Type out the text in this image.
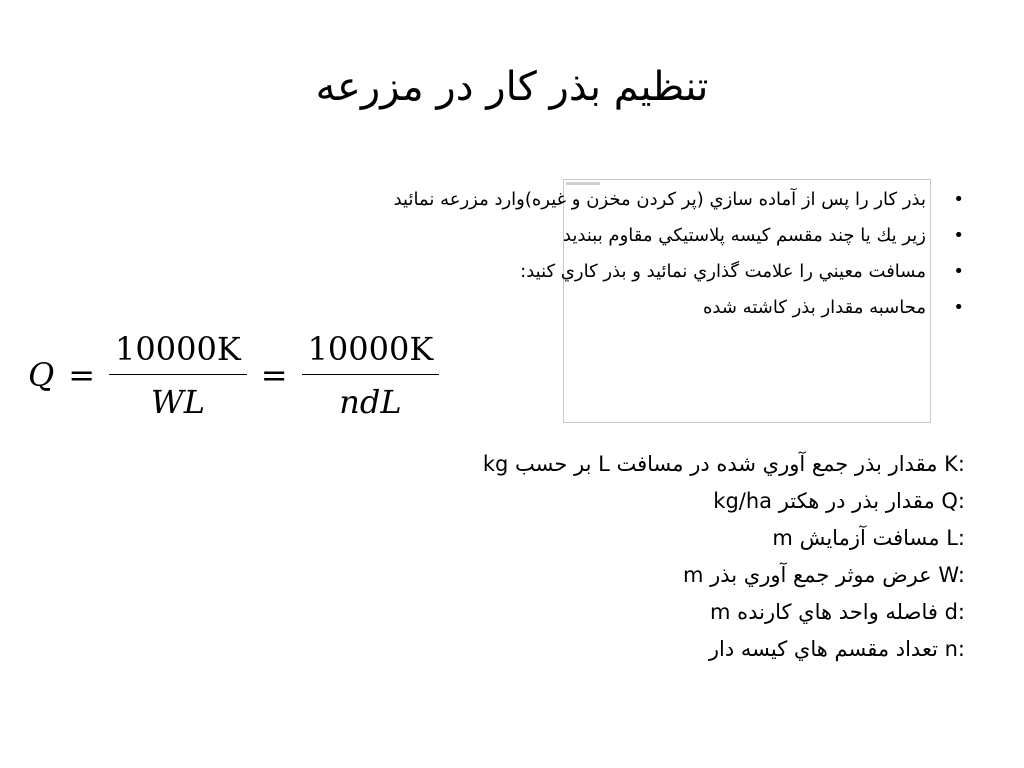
تنظيم بذر كار در مزرعه
•
بذر كار را پس از آماده سازي (پر كردن مخزن و غيره)وارد مزرعه نمائيد
•
زير يك يا چند مقسم كيسه پلاستيكي مقاوم ببنديد
•
مسافت معيني را علامت گذاري نمائيد و بذر كاري كنيد:
•
محاسبه مقدار بذر كاشته شده
$Q = \frac{10000K}{WL} = \frac{10000K}{\text{ndL}}$
K: مقدار بذر جمع آوري شده در مسافت L بر حسب kg
Q: مقدار بذر در هكتر kg/ha
L: مسافت آزمايش m
W: عرض موثر جمع آوري بذر m
d: فاصله واحد هاي كارنده m
n: تعداد مقسم هاي كيسه دار
